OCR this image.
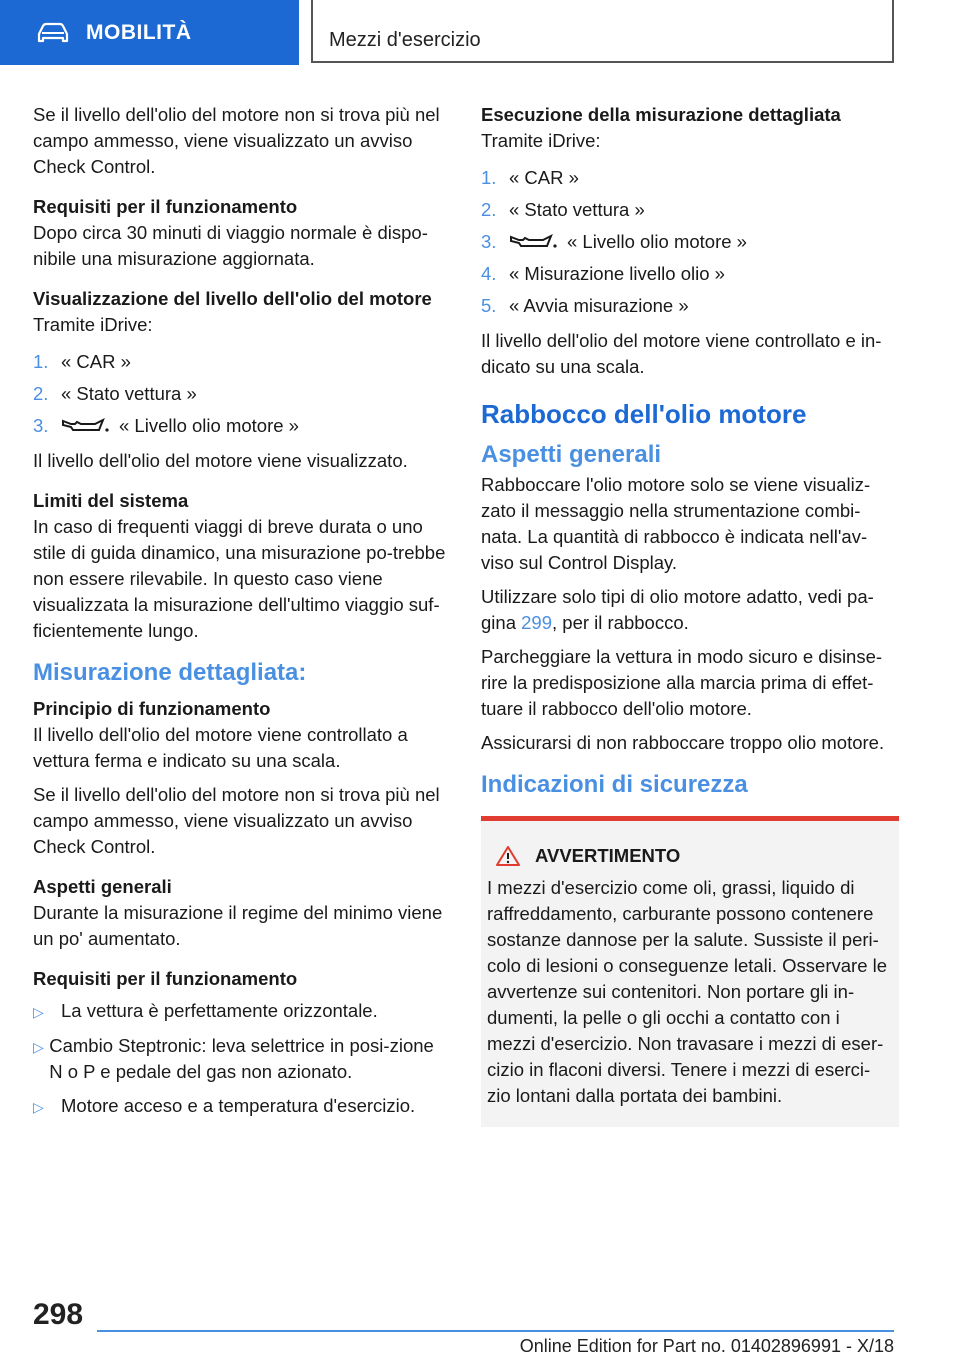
MOBILITÀ	Mezzi d'esercizio

Se il livello dell'olio del motore non si trova più nel campo ammesso, viene visualizzato un avviso Check Control.

Requisiti per il funzionamento

Dopo circa 30 minuti di viaggio normale è dispo-nibile una misurazione aggiornata.

Visualizzazione del livello dell'olio del motore

Tramite iDrive:

1. « CAR »
2. « Stato vettura »
3.	« Livello olio motore »

Il livello dell'olio del motore viene visualizzato.

Limiti del sistema

In caso di frequenti viaggi di breve durata o uno stile di guida dinamico, una misurazione po-trebbe non essere rilevabile. In questo caso viene visualizzata la misurazione dell'ultimo viaggio suf-ficientemente lungo.

Misurazione dettagliata:

Principio di funzionamento

Il livello dell'olio del motore viene controllato a vettura ferma e indicato su una scala.

Se il livello dell'olio del motore non si trova più nel campo ammesso, viene visualizzato un avviso Check Control.

Aspetti generali

Durante la misurazione il regime del minimo viene un po' aumentato.

Requisiti per il funzionamento

▷ La vettura è perfettamente orizzontale.
▷ Cambio Steptronic: leva selettrice in posi-zione N o P e pedale del gas non azionato.
▷ Motore acceso e a temperatura d'esercizio.

Esecuzione della misurazione dettagliata

Tramite iDrive:

1. « CAR »
2. « Stato vettura »
3.	« Livello olio motore »
4. « Misurazione livello olio »
5. « Avvia misurazione »

Il livello dell'olio del motore viene controllato e in-dicato su una scala.

Rabbocco dell'olio motore
Aspetti generali

Rabboccare l'olio motore solo se viene visualiz-zato il messaggio nella strumentazione combi-nata. La quantità di rabbocco è indicata nell'av-viso sul Control Display.

Utilizzare solo tipi di olio motore adatto, vedi pa-gina 299, per il rabbocco.

Parcheggiare la vettura in modo sicuro e disinse-rire la predisposizione alla marcia prima di effet-tuare il rabbocco dell'olio motore.

Assicurarsi di non rabboccare troppo olio motore.

Indicazioni di sicurezza
AVVERTIMENTO

I mezzi d'esercizio come oli, grassi, liquido di raffreddamento, carburante possono contenere sostanze dannose per la salute. Sussiste il peri-colo di lesioni o conseguenze letali. Osservare le avvertenze sui contenitori. Non portare gli in-dumenti, la pelle o gli occhi a contatto con i mezzi d'esercizio. Non travasare i mezzi di eser-cizio in flaconi diversi. Tenere i mezzi di eserci-zio lontani dalla portata dei bambini.

298
Online Edition for Part no. 01402896991 - X/18
